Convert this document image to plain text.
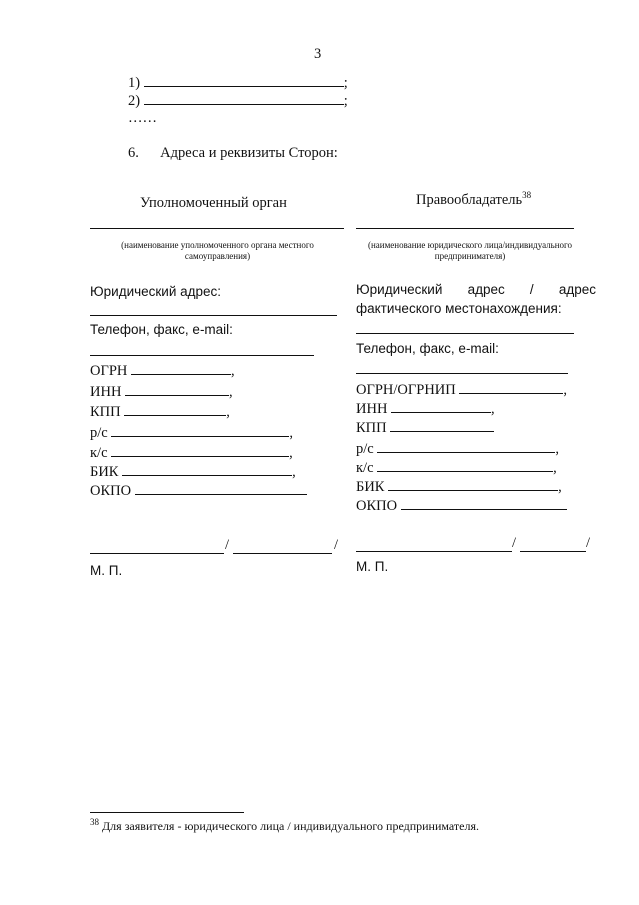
3
1)	;
2)	;
……
6. Адреса и реквизиты Сторон:
Уполномоченный орган
(наименование уполномоченного органа местного самоуправления)
Юридический адрес:
Телефон, факс, e-mail:
ОГРН	,
ИНН	,
КПП	,
р/с	,
к/с	,
БИК	,
ОКПО
/	/
М. П.
Правообладатель$^{38}$
(наименование юридического лица/индивидуального предпринимателя)
Юридический адрес / адрес
фактического местонахождения:
Телефон, факс, e-mail:
ОГРН/ОГРНИП	,
ИНН	,
КПП
р/с	,
к/с	,
БИК	,
ОКПО
/	/
М. П.
$^{38}$ Для заявителя - юридического лица / индивидуального предпринимателя.
